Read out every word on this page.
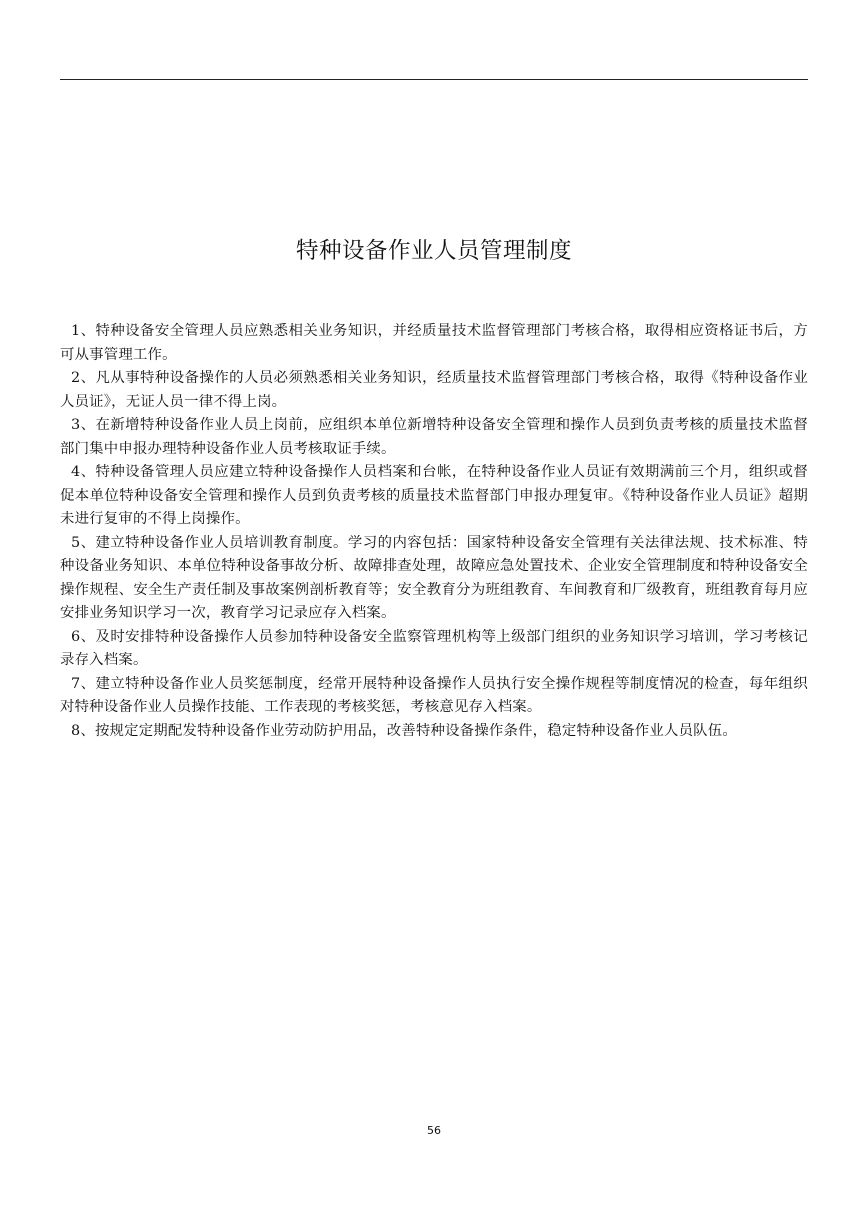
特种设备作业人员管理制度

1、特种设备安全管理人员应熟悉相关业务知识，并经质量技术监督管理部门考核合格，取得相应资格证书后，方可从事管理工作。

2、凡从事特种设备操作的人员必须熟悉相关业务知识，经质量技术监督管理部门考核合格，取得《特种设备作业人员证》，无证人员一律不得上岗。

3、在新增特种设备作业人员上岗前，应组织本单位新增特种设备安全管理和操作人员到负责考核的质量技术监督部门集中申报办理特种设备作业人员考核取证手续。

4、特种设备管理人员应建立特种设备操作人员档案和台帐，在特种设备作业人员证有效期满前三个月，组织或督促本单位特种设备安全管理和操作人员到负责考核的质量技术监督部门申报办理复审。《特种设备作业人员证》超期未进行复审的不得上岗操作。

5、建立特种设备作业人员培训教育制度。学习的内容包括：国家特种设备安全管理有关法律法规、技术标准、特种设备业务知识、本单位特种设备事故分析、故障排查处理，故障应急处置技术、企业安全管理制度和特种设备安全操作规程、安全生产责任制及事故案例剖析教育等；安全教育分为班组教育、车间教育和厂级教育，班组教育每月应安排业务知识学习一次，教育学习记录应存入档案。

6、及时安排特种设备操作人员参加特种设备安全监察管理机构等上级部门组织的业务知识学习培训，学习考核记录存入档案。

7、建立特种设备作业人员奖惩制度，经常开展特种设备操作人员执行安全操作规程等制度情况的检查，每年组织对特种设备作业人员操作技能、工作表现的考核奖惩，考核意见存入档案。

8、按规定定期配发特种设备作业劳动防护用品，改善特种设备操作条件，稳定特种设备作业人员队伍。

56
